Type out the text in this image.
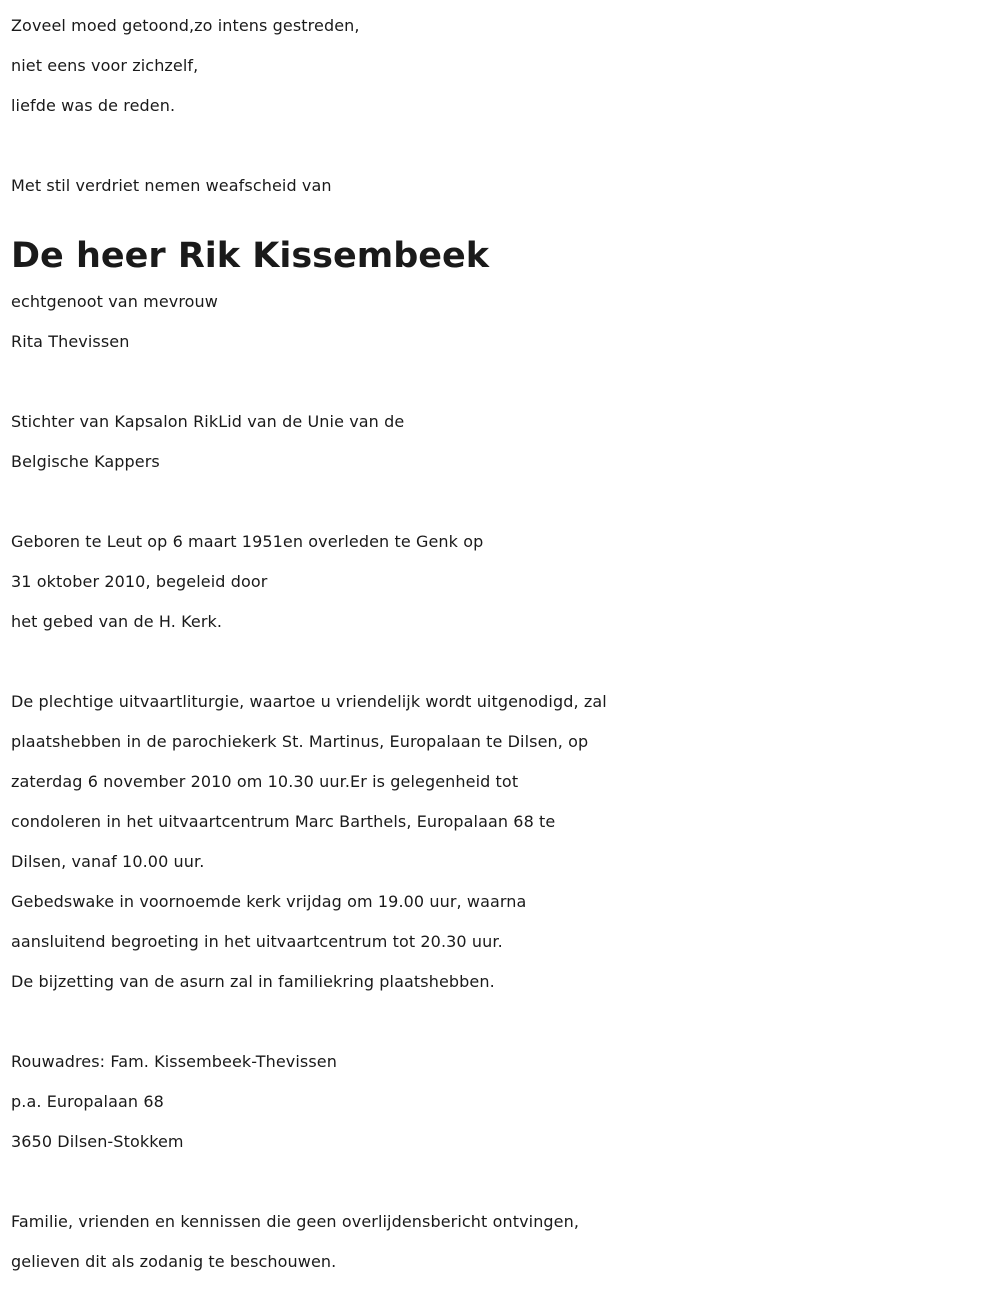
Zoveel moed getoond,zo intens gestreden,
niet eens voor zichzelf,
liefde was de reden.
Met stil verdriet nemen weafscheid van
De heer Rik Kissembeek
echtgenoot van mevrouw
Rita Thevissen
Stichter van Kapsalon RikLid van de Unie van de
Belgische Kappers
Geboren te Leut op 6 maart 1951en overleden te Genk op
31 oktober 2010, begeleid door
het gebed van de H. Kerk.
De plechtige uitvaartliturgie, waartoe u vriendelijk wordt uitgenodigd, zal
plaatshebben in de parochiekerk St. Martinus, Europalaan te Dilsen, op
zaterdag 6 november 2010 om 10.30 uur.Er is gelegenheid tot
condoleren in het uitvaartcentrum Marc Barthels, Europalaan 68 te
Dilsen, vanaf 10.00 uur.
Gebedswake in voornoemde kerk vrijdag om 19.00 uur, waarna
aansluitend begroeting in het uitvaartcentrum tot 20.30 uur.
De bijzetting van de asurn zal in familiekring plaatshebben.
Rouwadres: Fam. Kissembeek-Thevissen
p.a. Europalaan 68
3650 Dilsen-Stokkem
Familie, vrienden en kennissen die geen overlijdensbericht ontvingen,
gelieven dit als zodanig te beschouwen.
